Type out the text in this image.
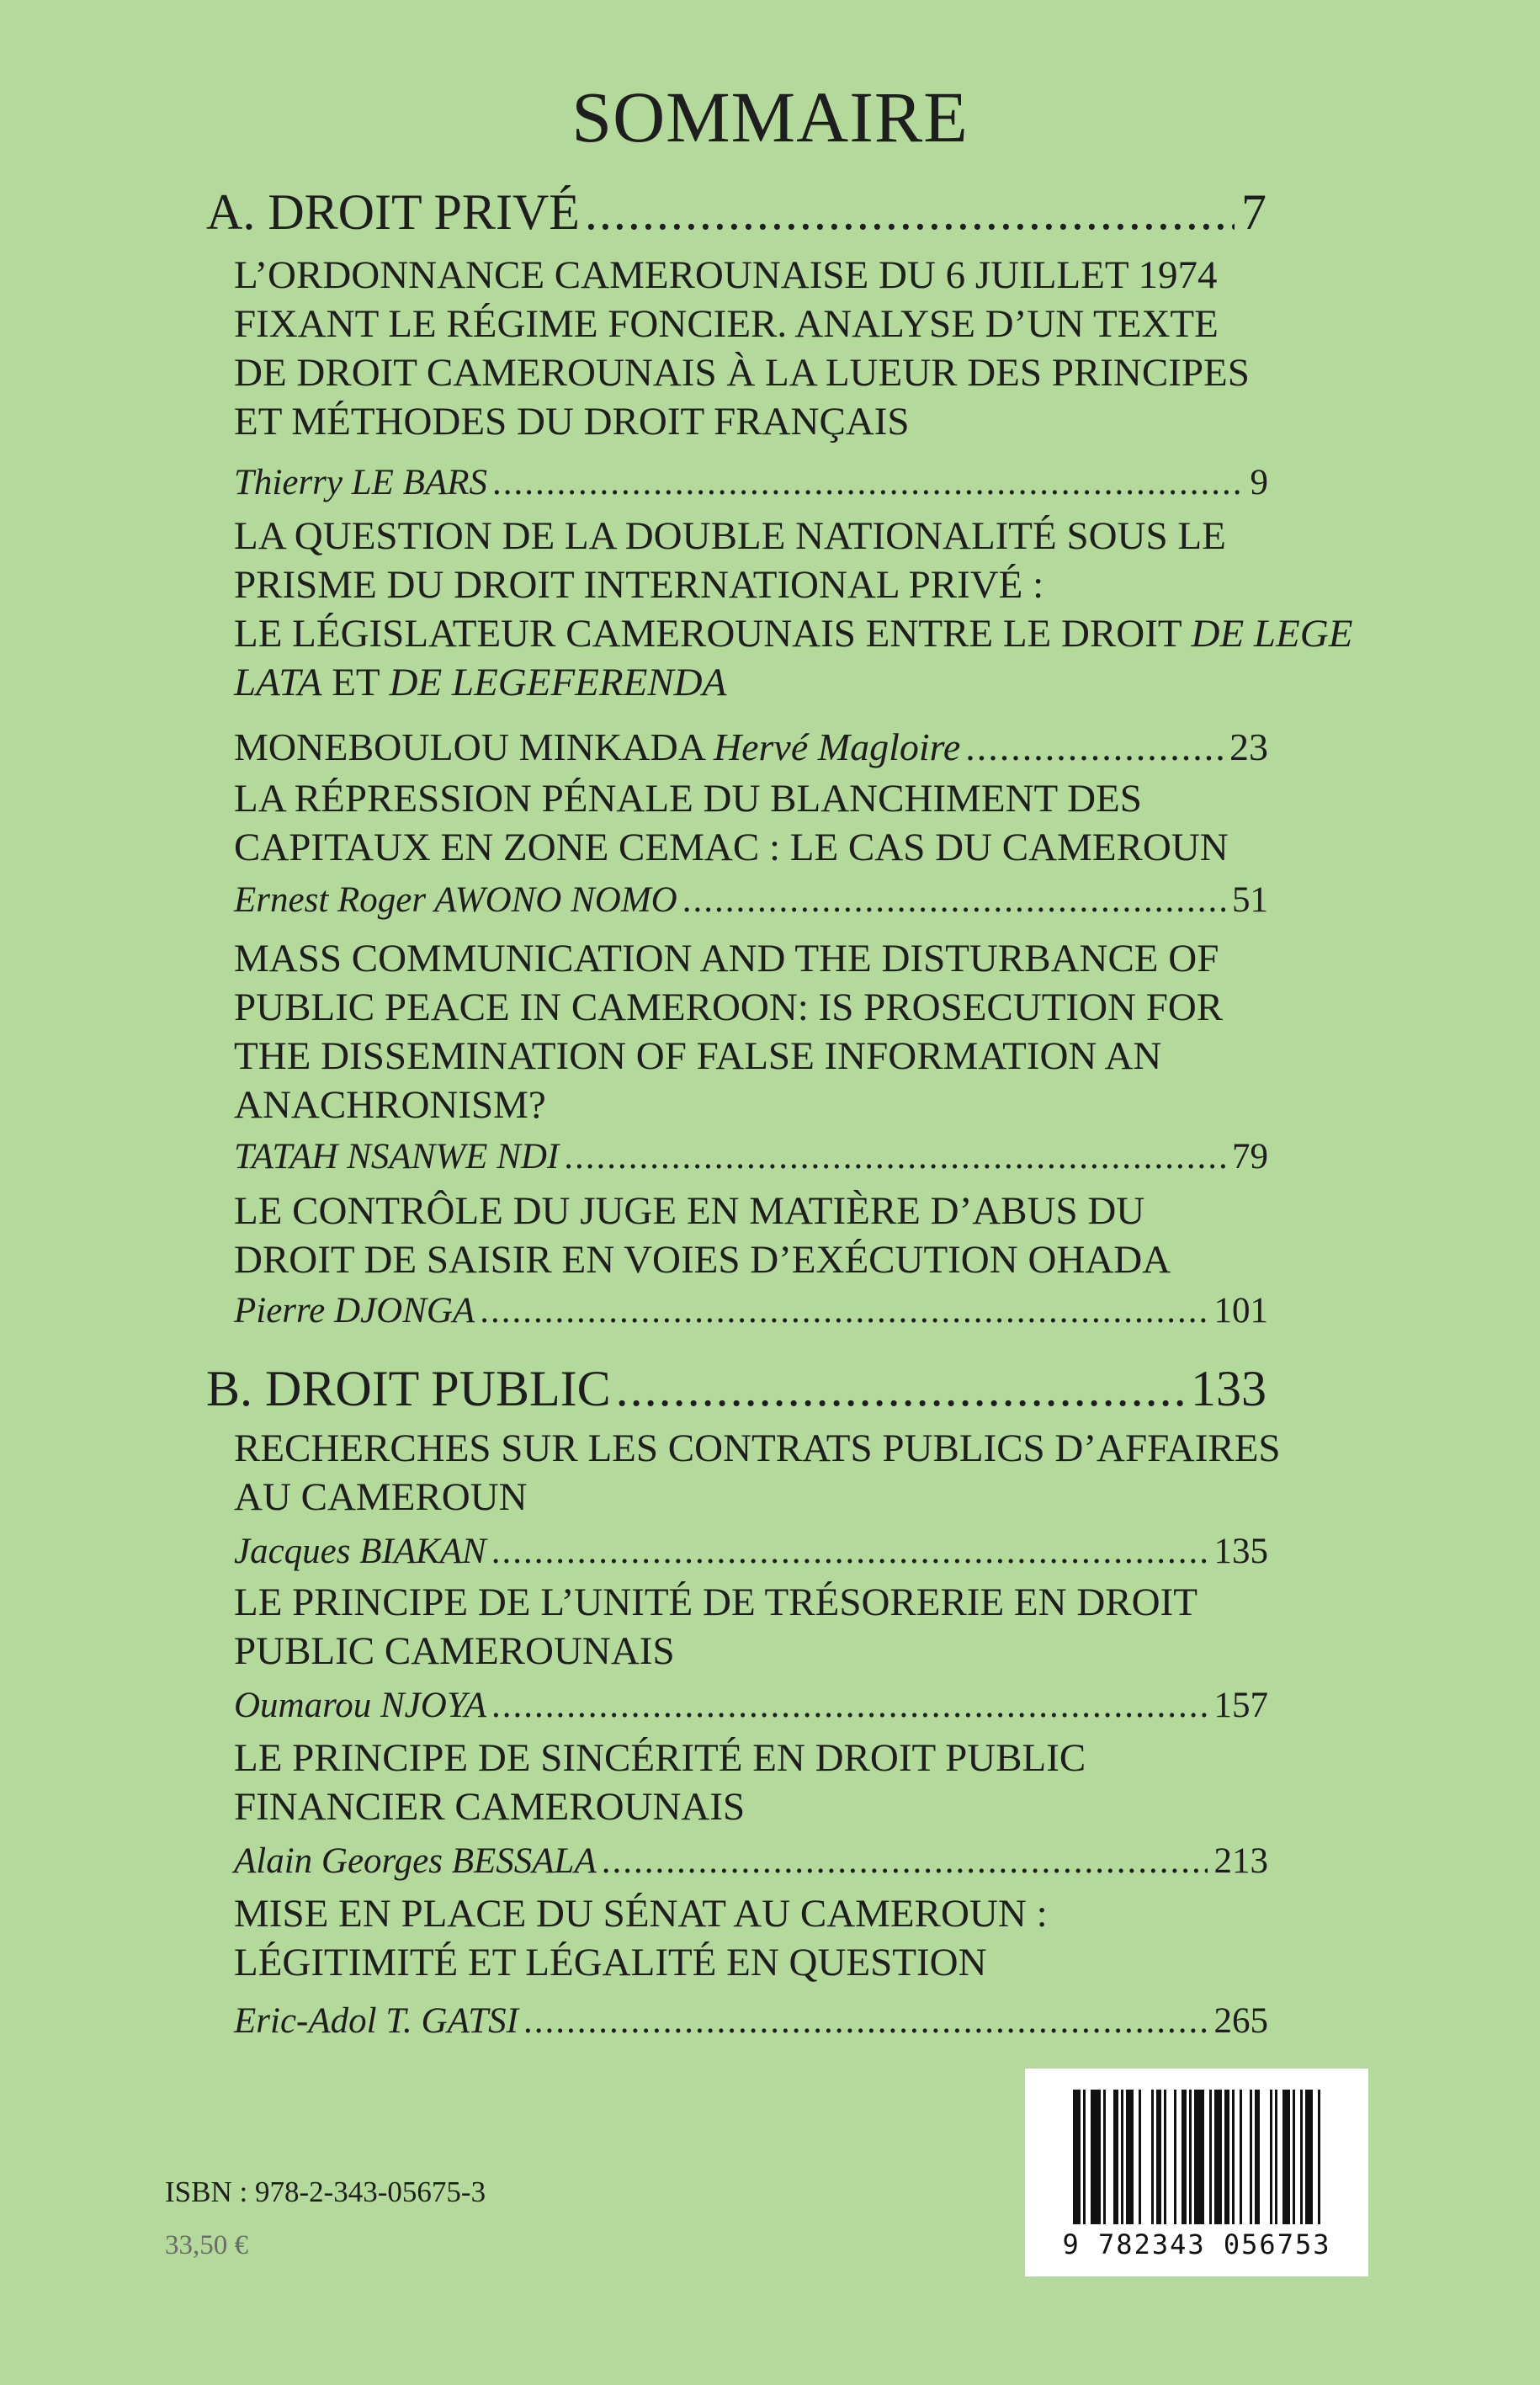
SOMMAIRE
A. DROIT PRIVÉ .....	7
L’ORDONNANCE CAMEROUNAISE DU 6 JUILLET 1974
FIXANT LE RÉGIME FONCIER. ANALYSE D’UN TEXTE
DE DROIT CAMEROUNAIS À LA LUEUR DES PRINCIPES
ET MÉTHODES DU DROIT FRANÇAIS
Thierry LE BARS .....	9
LA QUESTION DE LA DOUBLE NATIONALITÉ SOUS LE
PRISME DU DROIT INTERNATIONAL PRIVÉ :
LE LÉGISLATEUR CAMEROUNAIS ENTRE LE DROIT DE LEGE
LATA ET DE LEGEFERENDA
MONEBOULOU MINKADA Hervé Magloire .....	23
LA RÉPRESSION PÉNALE DU BLANCHIMENT DES
CAPITAUX EN ZONE CEMAC : LE CAS DU CAMEROUN
Ernest Roger AWONO NOMO .....	51
MASS COMMUNICATION AND THE DISTURBANCE OF
PUBLIC PEACE IN CAMEROON: IS PROSECUTION FOR
THE DISSEMINATION OF FALSE INFORMATION AN
ANACHRONISM?
TATAH NSANWE NDI .....	79
LE CONTRÔLE DU JUGE EN MATIÈRE D’ABUS DU
DROIT DE SAISIR EN VOIES D’EXÉCUTION OHADA
Pierre DJONGA .....	101
B. DROIT PUBLIC .....	133
RECHERCHES SUR LES CONTRATS PUBLICS D’AFFAIRES
AU CAMEROUN
Jacques BIAKAN .....	135
LE PRINCIPE DE L’UNITÉ DE TRÉSORERIE EN DROIT
PUBLIC CAMEROUNAIS
Oumarou NJOYA .....	157
LE PRINCIPE DE SINCÉRITÉ EN DROIT PUBLIC
FINANCIER CAMEROUNAIS
Alain Georges BESSALA .....	213
MISE EN PLACE DU SÉNAT AU CAMEROUN :
LÉGITIMITÉ ET LÉGALITÉ EN QUESTION
Eric-Adol T. GATSI .....	265
9 782343 056753
ISBN : 978-2-343-05675-3
33,50 €
